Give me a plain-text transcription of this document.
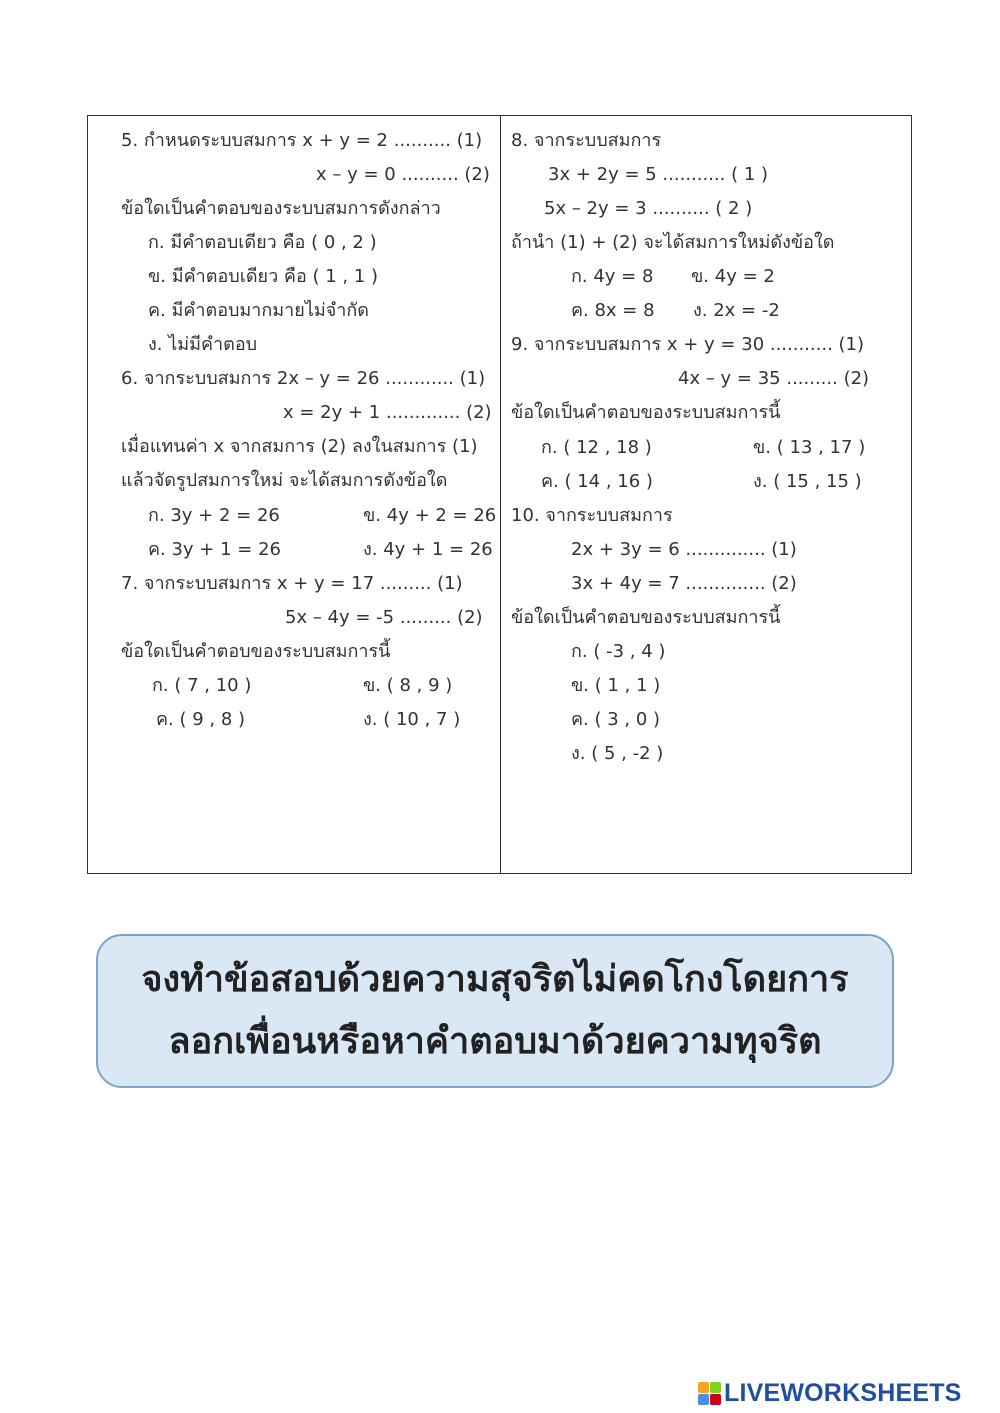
5. กำหนดระบบสมการ x + y = 2 .......... (1)
x – y = 0 .......... (2)
ข้อใดเป็นคำตอบของระบบสมการดังกล่าว
ก. มีคำตอบเดียว คือ ( 0 , 2 )
ข. มีคำตอบเดียว คือ ( 1 , 1 )
ค. มีคำตอบมากมายไม่จำกัด
ง. ไม่มีคำตอบ
6. จากระบบสมการ 2x – y = 26 ............ (1)
x = 2y + 1 ............. (2)
เมื่อแทนค่า x จากสมการ (2) ลงในสมการ (1)
แล้วจัดรูปสมการใหม่ จะได้สมการดังข้อใด
ก. 3y + 2 = 26	ข. 4y + 2 = 26
ค. 3y + 1 = 26	ง. 4y + 1 = 26
7. จากระบบสมการ x + y = 17 ......... (1)
5x – 4y = -5 ......... (2)
ข้อใดเป็นคำตอบของระบบสมการนี้
ก. ( 7 , 10 )	ข. ( 8 , 9 )
ค. ( 9 , 8 )	ง. ( 10 , 7 )
8. จากระบบสมการ
3x + 2y = 5 ........... ( 1 )
5x – 2y = 3 .......... ( 2 )
ถ้านำ (1) + (2) จะได้สมการใหม่ดังข้อใด
ก. 4y = 8 ข. 4y = 2
ค. 8x = 8 ง. 2x = -2
9. จากระบบสมการ x + y = 30 ........... (1)
4x – y = 35 ......... (2)
ข้อใดเป็นคำตอบของระบบสมการนี้
ก. ( 12 , 18 )	ข. ( 13 , 17 )
ค. ( 14 , 16 )	ง. ( 15 , 15 )
10. จากระบบสมการ
2x + 3y = 6 .............. (1)
3x + 4y = 7 .............. (2)
ข้อใดเป็นคำตอบของระบบสมการนี้
ก. ( -3 , 4 )
ข. ( 1 , 1 )
ค. ( 3 , 0 )
ง. ( 5 , -2 )
จงทำข้อสอบด้วยความสุจริตไม่คดโกงโดยการ
ลอกเพื่อนหรือหาคำตอบมาด้วยความทุจริต
LIVEWORKSHEETS
